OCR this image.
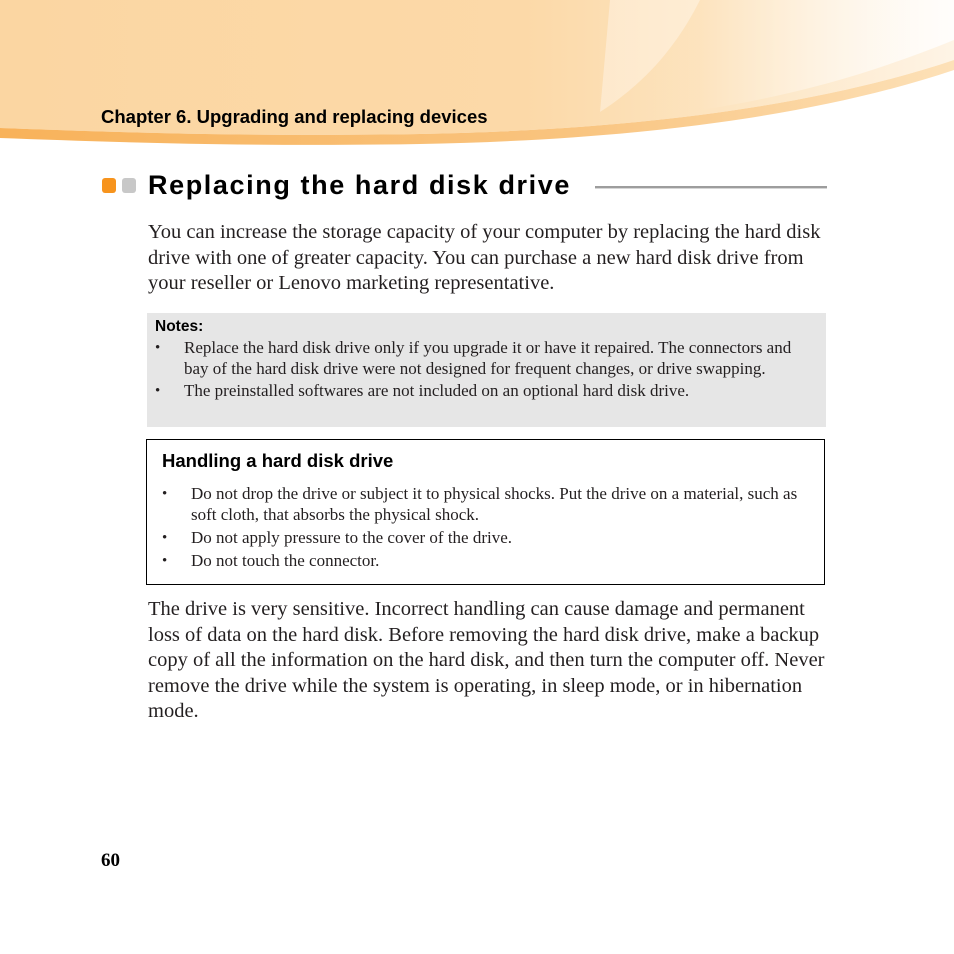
Chapter 6. Upgrading and replacing devices
Replacing the hard disk drive

You can increase the storage capacity of your computer by replacing the hard disk drive with one of greater capacity. You can purchase a new hard disk drive from your reseller or Lenovo marketing representative.

Notes:
• Replace the hard disk drive only if you upgrade it or have it repaired. The connectors and bay of the hard disk drive were not designed for frequent changes, or drive swapping.
• The preinstalled softwares are not included on an optional hard disk drive.
Handling a hard disk drive
• Do not drop the drive or subject it to physical shocks. Put the drive on a material, such as soft cloth, that absorbs the physical shock.
• Do not apply pressure to the cover of the drive.
• Do not touch the connector.

The drive is very sensitive. Incorrect handling can cause damage and permanent loss of data on the hard disk. Before removing the hard disk drive, make a backup copy of all the information on the hard disk, and then turn the computer off. Never remove the drive while the system is operating, in sleep mode, or in hibernation mode.

60
